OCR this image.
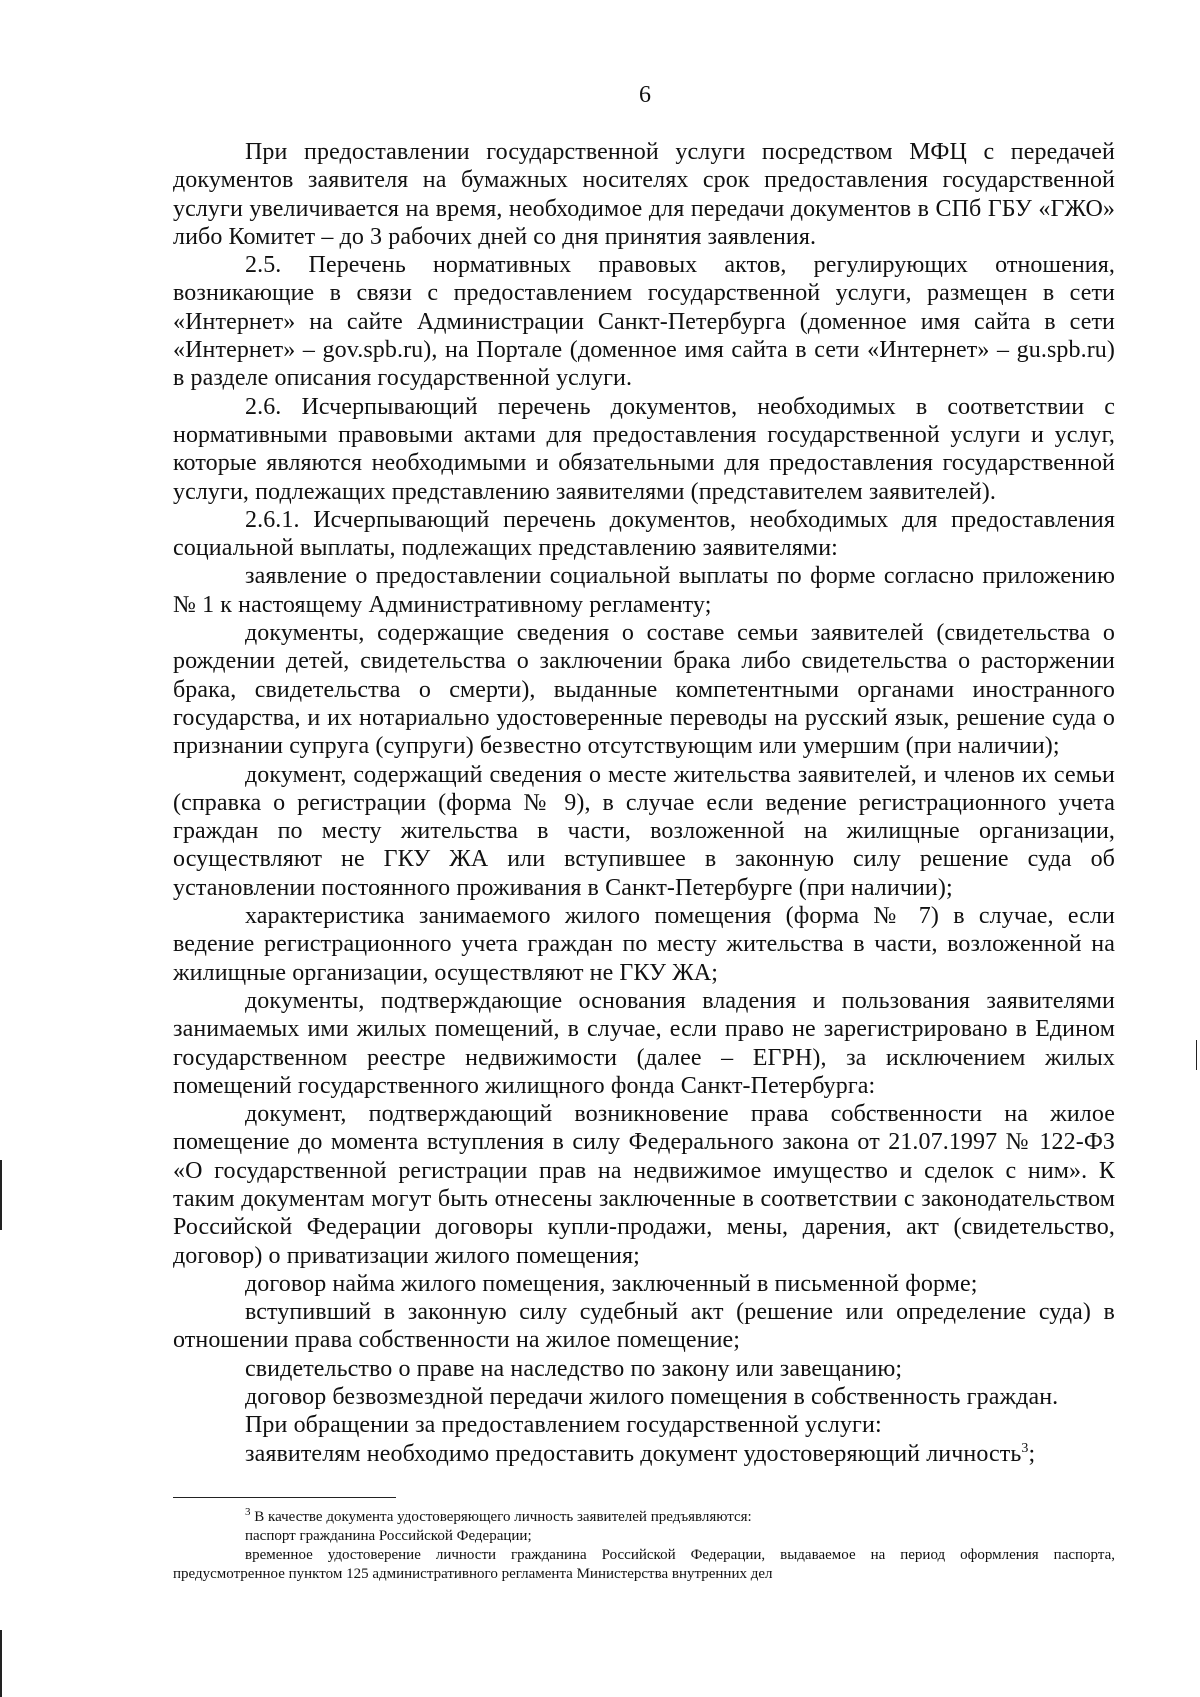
6

При предоставлении государственной услуги посредством МФЦ с передачей документов заявителя на бумажных носителях срок предоставления государственной услуги увеличивается на время, необходимое для передачи документов в СПб ГБУ «ГЖО» либо Комитет – до 3 рабочих дней со дня принятия заявления.

2.5. Перечень нормативных правовых актов, регулирующих отношения, возникающие в связи с предоставлением государственной услуги, размещен в сети «Интернет» на сайте Администрации Санкт-Петербурга (доменное имя сайта в сети «Интернет» – gov.spb.ru), на Портале (доменное имя сайта в сети «Интернет» – gu.spb.ru) в разделе описания государственной услуги.

2.6. Исчерпывающий перечень документов, необходимых в соответствии с нормативными правовыми актами для предоставления государственной услуги и услуг, которые являются необходимыми и обязательными для предоставления государственной услуги, подлежащих представлению заявителями (представителем заявителей).

2.6.1. Исчерпывающий перечень документов, необходимых для предоставления социальной выплаты, подлежащих представлению заявителями:

заявление о предоставлении социальной выплаты по форме согласно приложению № 1 к настоящему Административному регламенту;

документы, содержащие сведения о составе семьи заявителей (свидетельства о рождении детей, свидетельства о заключении брака либо свидетельства о расторжении брака, свидетельства о смерти), выданные компетентными органами иностранного государства, и их нотариально удостоверенные переводы на русский язык, решение суда о признании супруга (супруги) безвестно отсутствующим или умершим (при наличии);

документ, содержащий сведения о месте жительства заявителей, и членов их семьи (справка о регистрации (форма № 9), в случае если ведение регистрационного учета граждан по месту жительства в части, возложенной на жилищные организации, осуществляют не ГКУ ЖА или вступившее в законную силу решение суда об установлении постоянного проживания в Санкт-Петербурге (при наличии);

характеристика занимаемого жилого помещения (форма № 7) в случае, если ведение регистрационного учета граждан по месту жительства в части, возложенной на жилищные организации, осуществляют не ГКУ ЖА;

документы, подтверждающие основания владения и пользования заявителями занимаемых ими жилых помещений, в случае, если право не зарегистрировано в Едином государственном реестре недвижимости (далее – ЕГРН), за исключением жилых помещений государственного жилищного фонда Санкт-Петербурга:

документ, подтверждающий возникновение права собственности на жилое помещение до момента вступления в силу Федерального закона от 21.07.1997 № 122-ФЗ «О государственной регистрации прав на недвижимое имущество и сделок с ним». К таким документам могут быть отнесены заключенные в соответствии с законодательством Российской Федерации договоры купли-продажи, мены, дарения, акт (свидетельство, договор) о приватизации жилого помещения;

договор найма жилого помещения, заключенный в письменной форме;

вступивший в законную силу судебный акт (решение или определение суда) в отношении права собственности на жилое помещение;

свидетельство о праве на наследство по закону или завещанию;

договор безвозмездной передачи жилого помещения в собственность граждан.

При обращении за предоставлением государственной услуги:

заявителям необходимо предоставить документ удостоверяющий личность$^3$;

$^3$ В качестве документа удостоверяющего личность заявителей предъявляются:

паспорт гражданина Российской Федерации;

временное удостоверение личности гражданина Российской Федерации, выдаваемое на период оформления паспорта, предусмотренное пунктом 125 административного регламента Министерства внутренних дел
